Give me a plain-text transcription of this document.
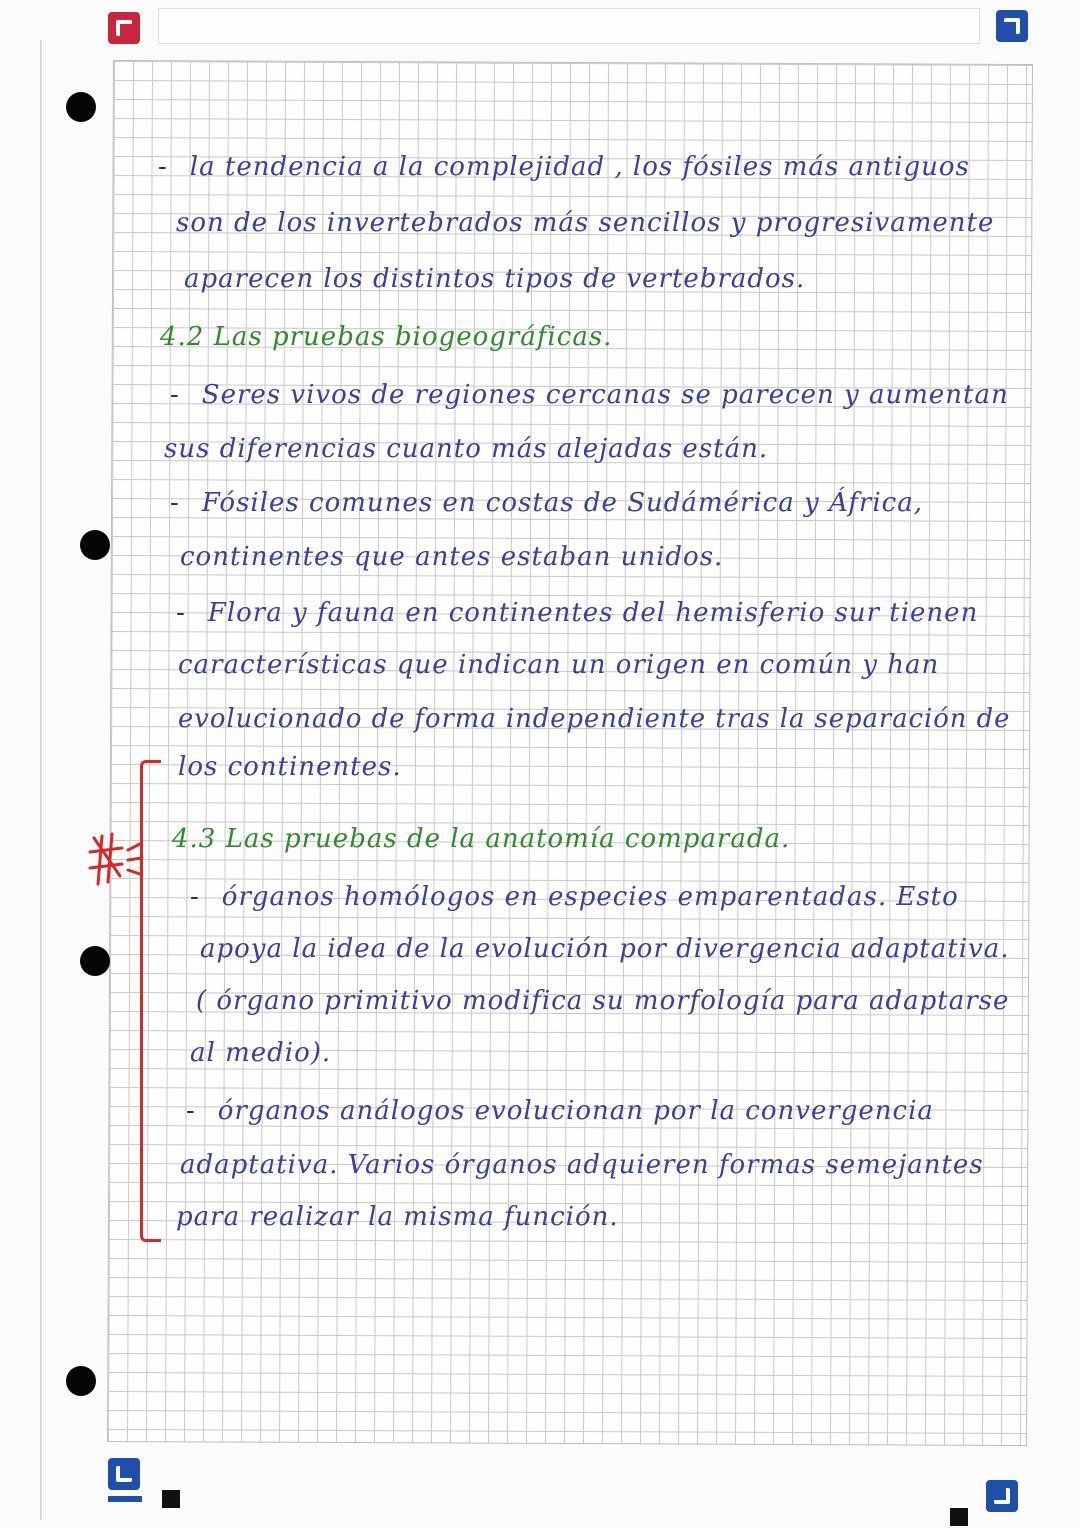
- la tendencia a la complejidad , los fósiles más antiguos
son de los invertebrados más sencillos y progresivamente
aparecen los distintos tipos de vertebrados.
4.2 Las pruebas biogeográficas.
- Seres vivos de regiones cercanas se parecen y aumentan
sus diferencias cuanto más alejadas están.
- Fósiles comunes en costas de Sudámérica y África,
continentes que antes estaban unidos.
- Flora y fauna en continentes del hemisferio sur tienen
características que indican un origen en común y han
evolucionado de forma independiente tras la separación de
los continentes.
4.3 Las pruebas de la anatomía comparada.
- órganos homólogos en especies emparentadas. Esto
apoya la idea de la evolución por divergencia adaptativa.
( órgano primitivo modifica su morfología para adaptarse
al medio).
- órganos análogos evolucionan por la convergencia
adaptativa. Varios órganos adquieren formas semejantes
para realizar la misma función.
